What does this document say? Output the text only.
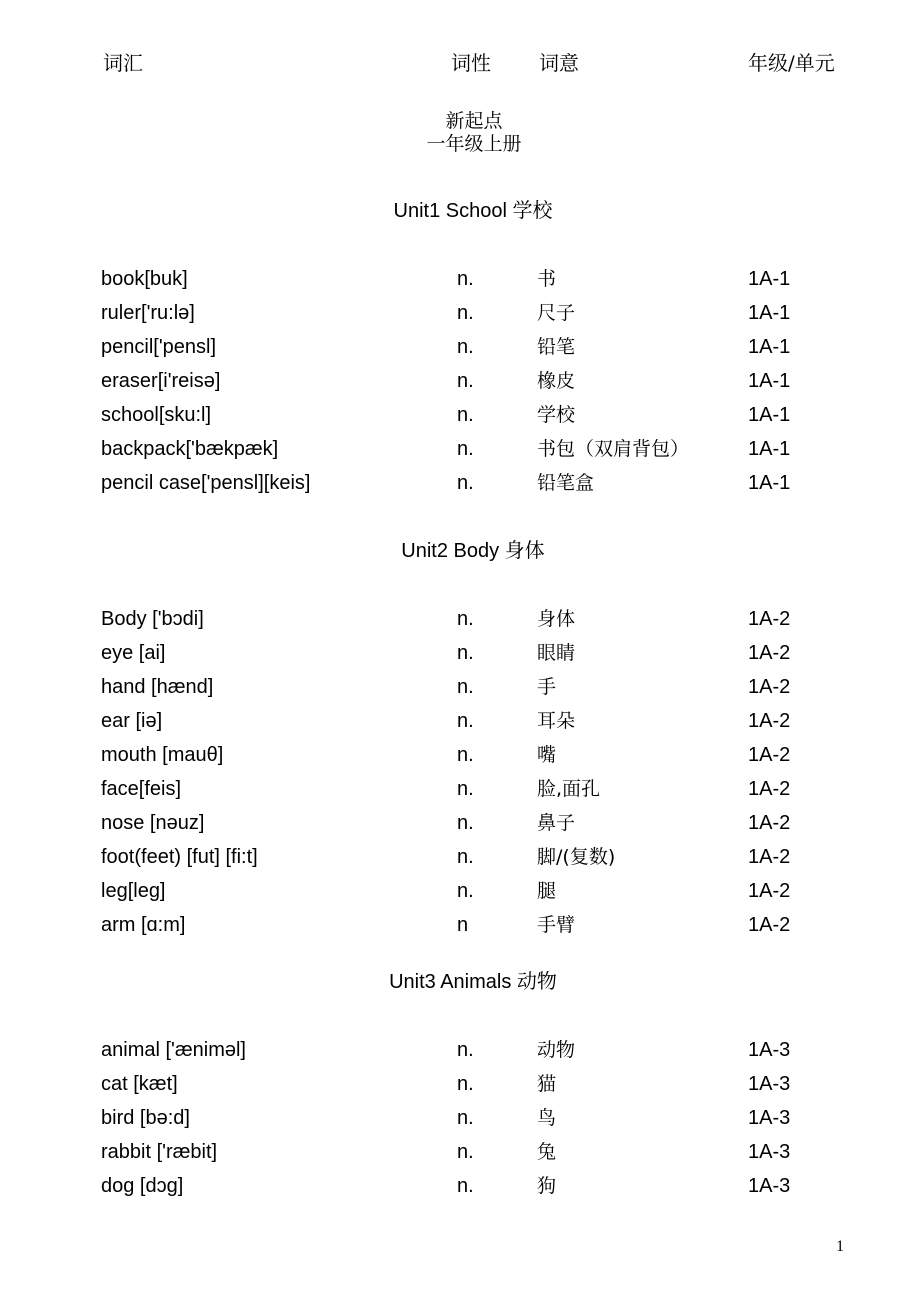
词汇	词性 词意	年级/单元
新起点
一年级上册
Unit1 School 学校
book[buk]	n.	书	1A-1
ruler['ru:lə]	n.	尺子	1A-1
pencil['pensl]	n.	铅笔	1A-1
eraser[i'reisə]	n.	橡皮	1A-1
school[sku:l]	n.	学校	1A-1
backpack['bækpæk]	n.	书包（双肩背包）	1A-1
pencil case['pensl][keis]	n.	铅笔盒	1A-1
Unit2 Body 身体
Body ['bɔdi]	n.	身体	1A-2
eye [ai]	n.	眼睛	1A-2
hand [hænd]	n.	手	1A-2
ear [iə]	n.	耳朵	1A-2
mouth [mauθ]	n.	嘴	1A-2
face[feis]	n.	脸,面孔	1A-2
nose [nəuz]	n.	鼻子	1A-2
foot(feet) [fut] [fi:t]	n.	脚/(复数)	1A-2
leg[leg]	n.	腿	1A-2
arm [ɑ:m]	n	手臂	1A-2
Unit3 Animals 动物
animal ['æniməl]	n.	动物	1A-3
cat [kæt]	n.	猫	1A-3
bird [bə:d]	n.	鸟	1A-3
rabbit ['ræbit]	n.	兔	1A-3
dog [dɔg]	n.	狗	1A-3
1
